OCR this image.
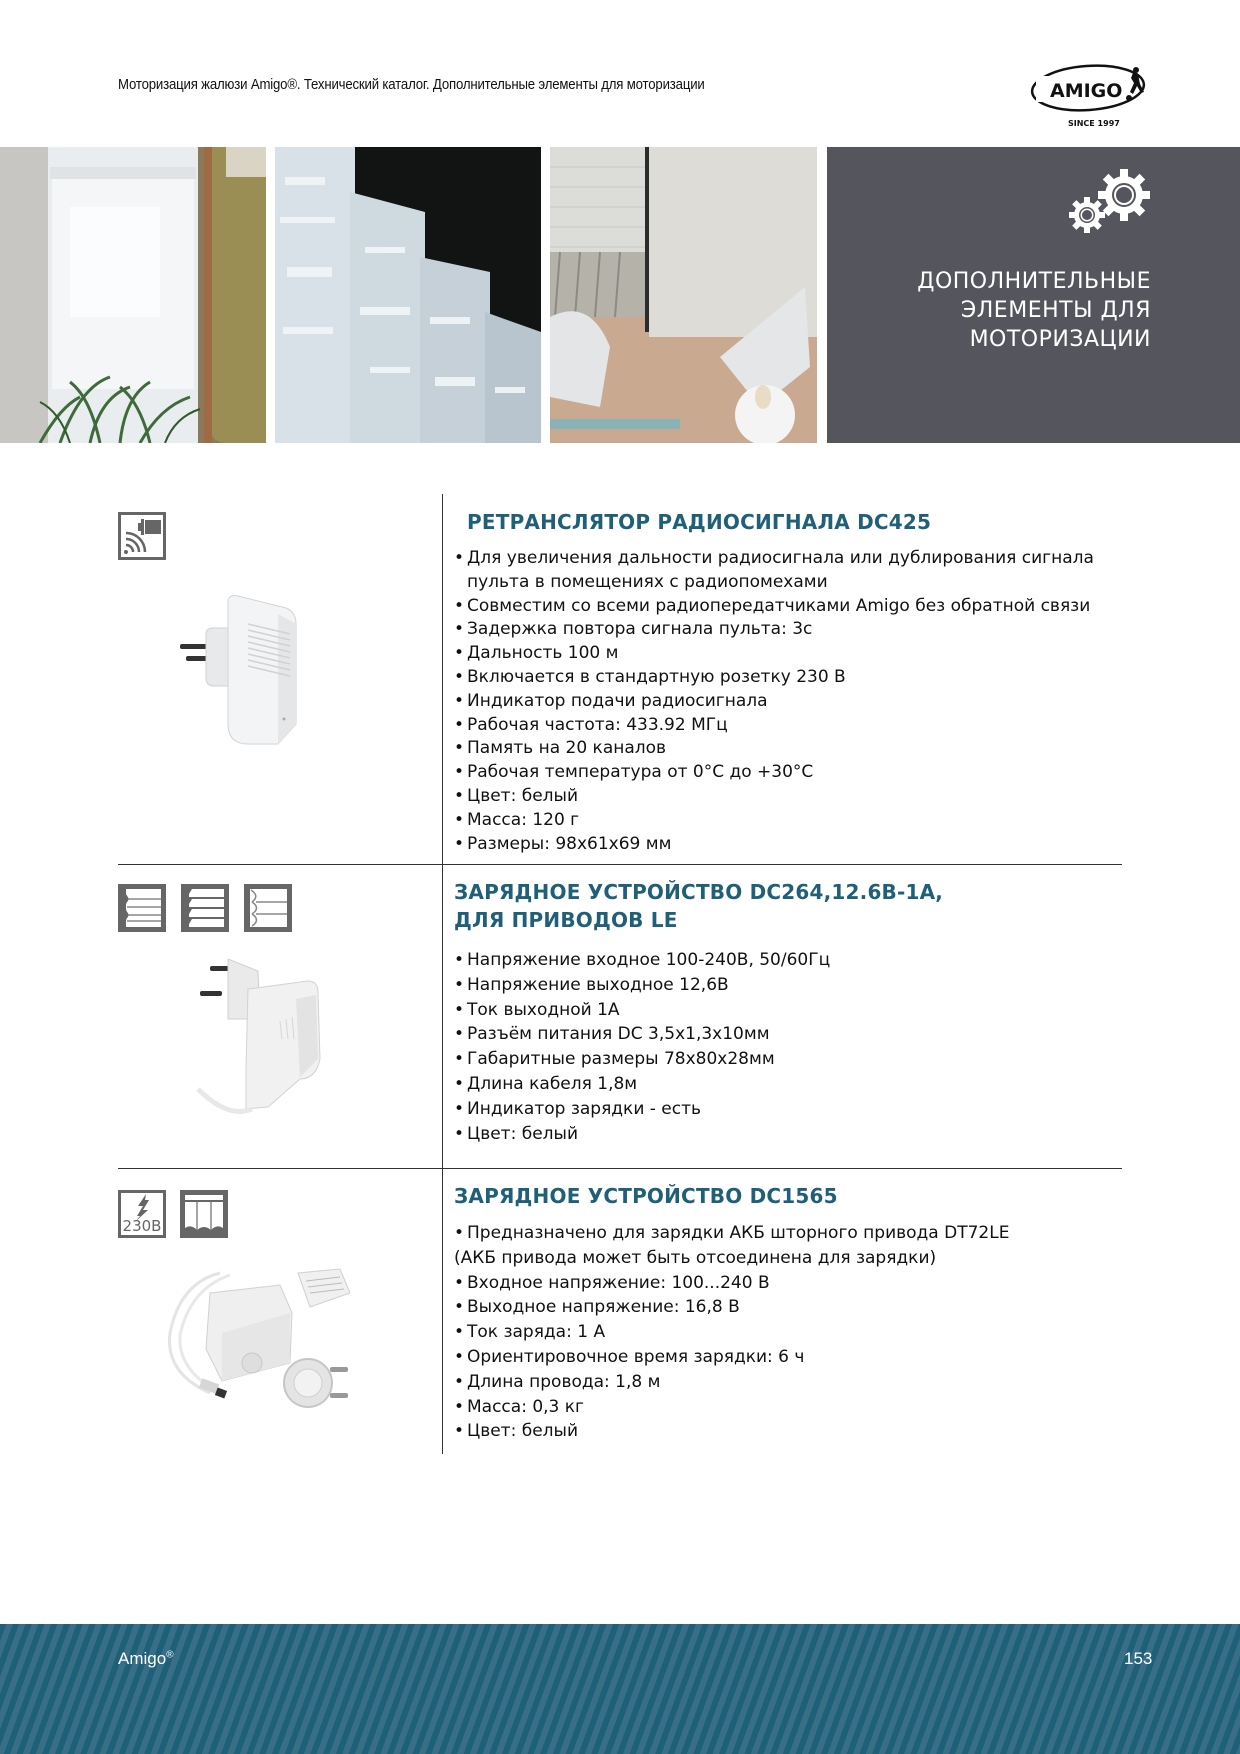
Моторизация жалюзи Amigo®. Технический каталог. Дополнительные элементы для моторизации	AMIGO
SINCE 1997
ДОПОЛНИТЕЛЬНЫЕ
ЭЛЕМЕНТЫ ДЛЯ
МОТОРИЗАЦИИ
РЕТРАНСЛЯТОР РАДИОСИГНАЛА DC425
• Для увеличения дальности радиосигнала или дублирования сигнала
пульта в помещениях с радиопомехами
• Совместим со всеми радиопередатчиками Amigo без обратной связи
• Задержка повтора сигнала пульта: 3с
• Дальность 100 м
• Включается в стандартную розетку 230 В
• Индикатор подачи радиосигнала
• Рабочая частота: 433.92 МГц
• Память на 20 каналов
• Рабочая температура от 0°C до +30°C
• Цвет: белый
• Масса: 120 г
• Размеры: 98x61x69 мм
ЗАРЯДНОЕ УСТРОЙСТВО DC264,12.6В-1А,
ДЛЯ ПРИВОДОВ LE
• Напряжение входное 100-240В, 50/60Гц
• Напряжение выходное 12,6В
• Ток выходной 1А
• Разъём питания DC 3,5x1,3x10мм
• Габаритные размеры 78x80x28мм
• Длина кабеля 1,8м
• Индикатор зарядки - есть
• Цвет: белый
230В
ЗАРЯДНОЕ УСТРОЙСТВО DC1565
• Предназначено для зарядки АКБ шторного привода DT72LE
(АКБ привода может быть отсоединена для зарядки)
• Входное напряжение: 100...240 В
• Выходное напряжение: 16,8 В
• Ток заряда: 1 А
• Ориентировочное время зарядки: 6 ч
• Длина провода: 1,8 м
• Масса: 0,3 кг
• Цвет: белый
Amigo®	153
